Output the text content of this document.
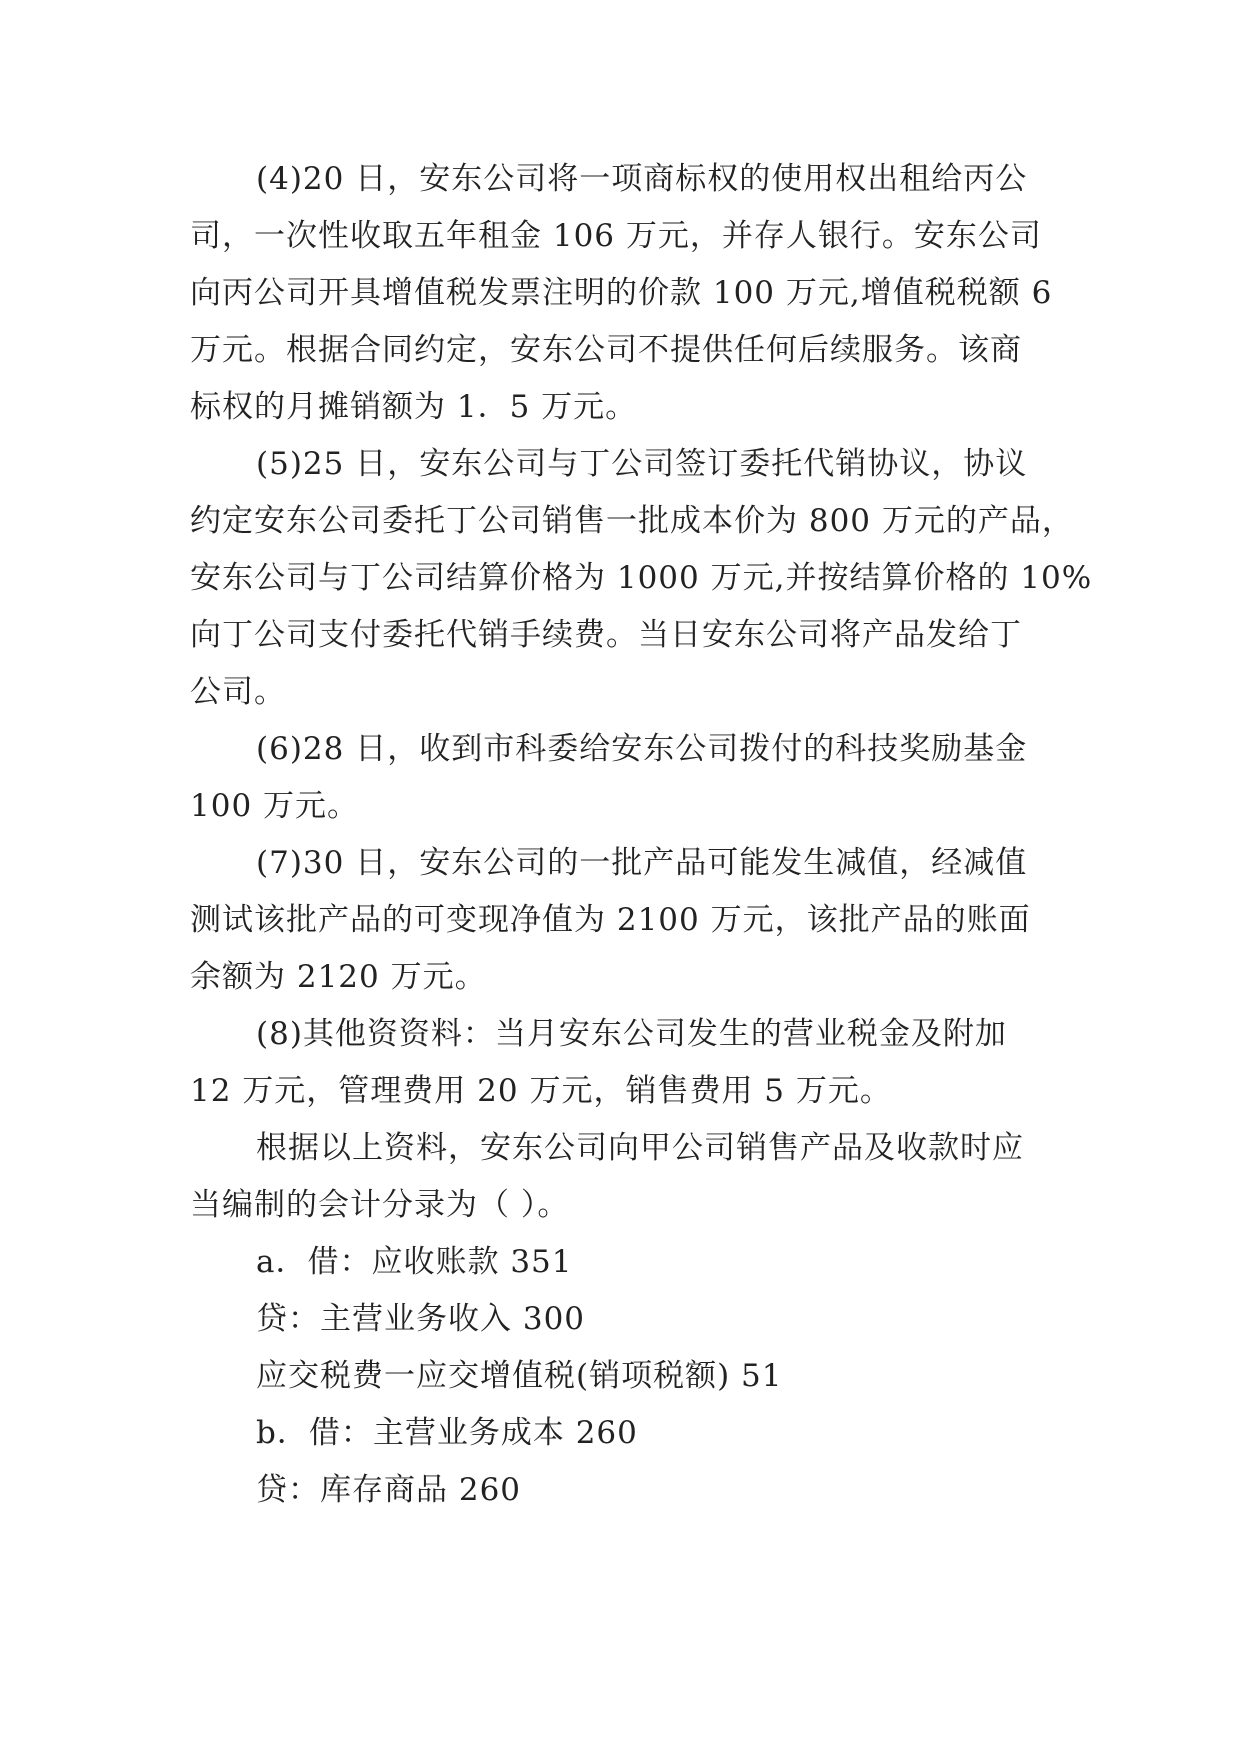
(4)20 日，安东公司将一项商标权的使用权出租给丙公
司，一次性收取五年租金 106 万元，并存人银行。安东公司
向丙公司开具增值税发票注明的价款 100 万元,增值税税额 6
万元。根据合同约定，安东公司不提供任何后续服务。该商
标权的月摊销额为 1．5 万元。
(5)25 日，安东公司与丁公司签订委托代销协议，协议
约定安东公司委托丁公司销售一批成本价为 800 万元的产品，
安东公司与丁公司结算价格为 1000 万元,并按结算价格的 10%
向丁公司支付委托代销手续费。当日安东公司将产品发给丁
公司。
(6)28 日，收到市科委给安东公司拨付的科技奖励基金
100 万元。
(7)30 日，安东公司的一批产品可能发生减值，经减值
测试该批产品的可变现净值为 2100 万元，该批产品的账面
余额为 2120 万元。
(8)其他资资料：当月安东公司发生的营业税金及附加
12 万元，管理费用 20 万元，销售费用 5 万元。
根据以上资料，安东公司向甲公司销售产品及收款时应
当编制的会计分录为（ ）。
a．借：应收账款 351
贷：主营业务收入 300
应交税费一应交增值税(销项税额) 51
b．借：主营业务成本 260
贷：库存商品 260
